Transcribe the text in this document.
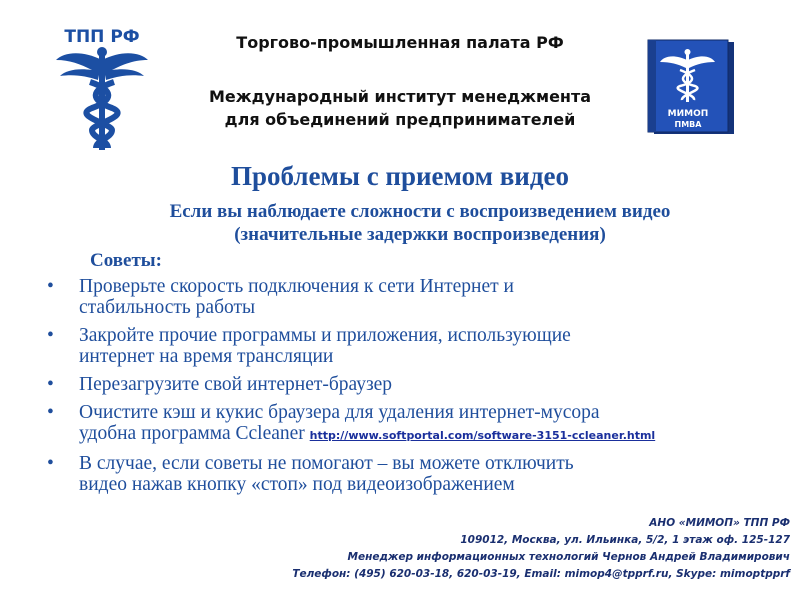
ТПП РФ	Торгово-промышленная палата РФ
Международный институт менеджмента
для объединений предпринимателей	МИМОП
ПМВА
Проблемы с приемом видео
Если вы наблюдаете сложности с воспроизведением видео
(значительные задержки воспроизведения)
Советы:
• Проверьте скорость подключения к сети Интернет и
стабильность работы
• Закройте прочие программы и приложения, использующие
интернет на время трансляции
• Перезагрузите свой интернет-браузер
• Очистите кэш и кукис браузера для удаления интернет-мусора
удобна программа Ccleaner http://www.softportal.com/software-3151-ccleaner.html
• В случае, если советы не помогают – вы можете отключить
видео нажав кнопку «стоп» под видеоизображением
АНО «МИМОП» ТПП РФ
109012, Москва, ул. Ильинка, 5/2, 1 этаж оф. 125-127
Менеджер информационных технологий Чернов Андрей Владимирович
Телефон: (495) 620-03-18, 620-03-19, Email: mimop4@tpprf.ru, Skype: mimoptpprf
